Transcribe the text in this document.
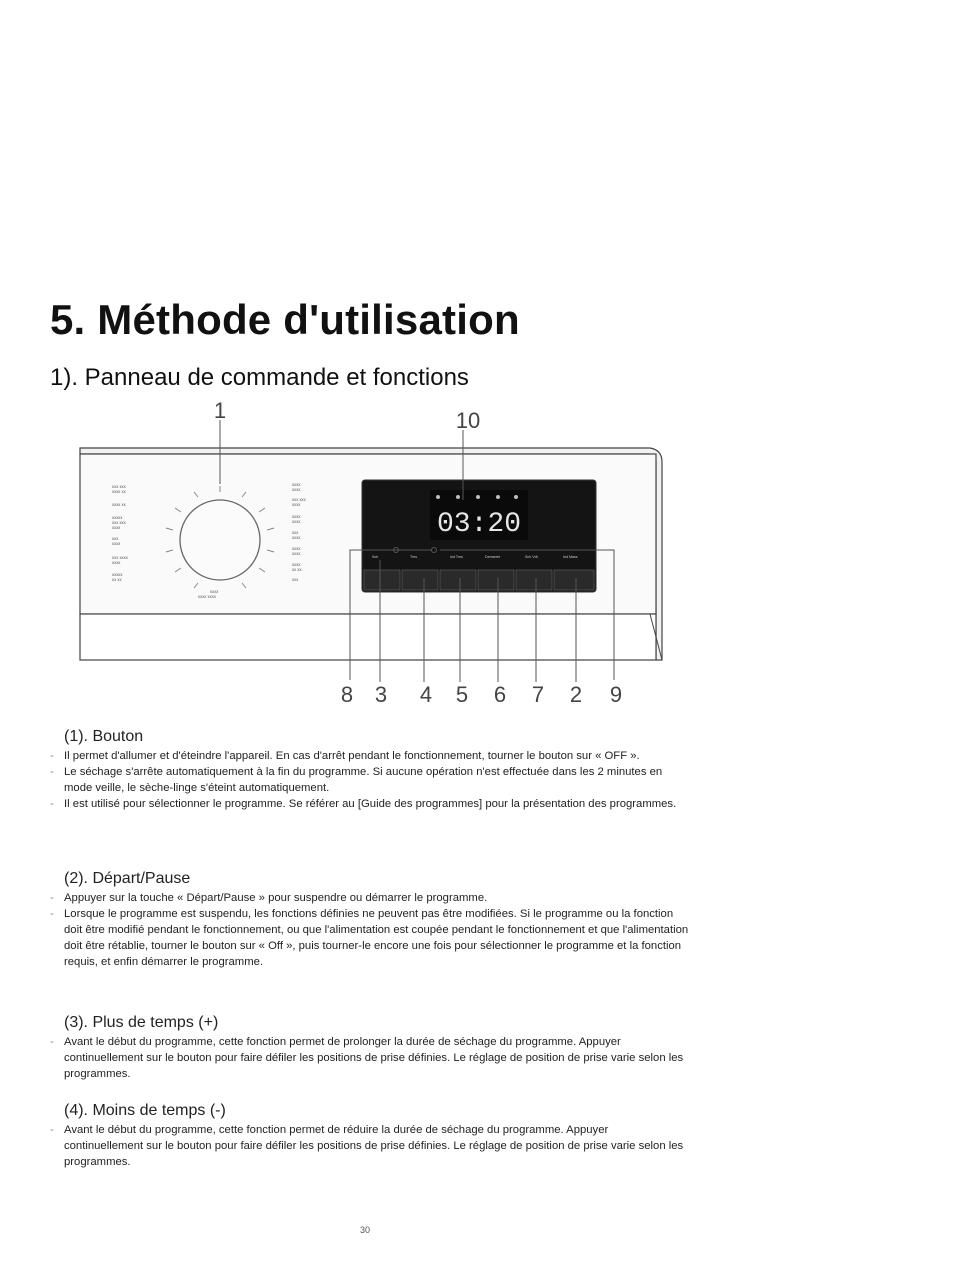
5. Méthode d'utilisation
1). Panneau de commande et fonctions
xxx xxx
xxxx xx
xxxx xx
xxxxx
xxx xxx
xxxx
xxx
xxxx
xxx xxxx
xxxx
xxxxx
xx xx
xxxx
xxxx xxxx
xxxx
xxxx
xxx xxx
xxxx
xxxx
xxxx
xxx
xxxx
xxxx
xxxx
xxxx
xx xx
xxx
03:20
Sch	Tms	Ind Tms	Demarrer	Sch Vdt	Ind Mass
1	10
8 3 4 5 6 7 2 9
(1). Bouton
- Il permet d'allumer et d'éteindre l'appareil. En cas d'arrêt pendant le fonctionnement, tourner le bouton sur « OFF ».
- Le séchage s'arrête automatiquement à la fin du programme. Si aucune opération n'est effectuée dans les 2 minutes en mode veille, le sèche-linge s'éteint automatiquement.
- Il est utilisé pour sélectionner le programme. Se référer au [Guide des programmes] pour la présentation des programmes.
(2). Départ/Pause
- Appuyer sur la touche « Départ/Pause » pour suspendre ou démarrer le programme.
- Lorsque le programme est suspendu, les fonctions définies ne peuvent pas être modifiées. Si le programme ou la fonction doit être modifié pendant le fonctionnement, ou que l'alimentation est coupée pendant le fonctionnement et que l'alimentation doit être rétablie, tourner le bouton sur « Off », puis tourner-le encore une fois pour sélectionner le programme et la fonction requis, et enfin démarrer le programme.
(3). Plus de temps (+)
- Avant le début du programme, cette fonction permet de prolonger la durée de séchage du programme. Appuyer continuellement sur le bouton pour faire défiler les positions de prise définies. Le réglage de position de prise varie selon les programmes.
(4). Moins de temps (-)
- Avant le début du programme, cette fonction permet de réduire la durée de séchage du programme. Appuyer continuellement sur le bouton pour faire défiler les positions de prise définies. Le réglage de position de prise varie selon les programmes.
30
